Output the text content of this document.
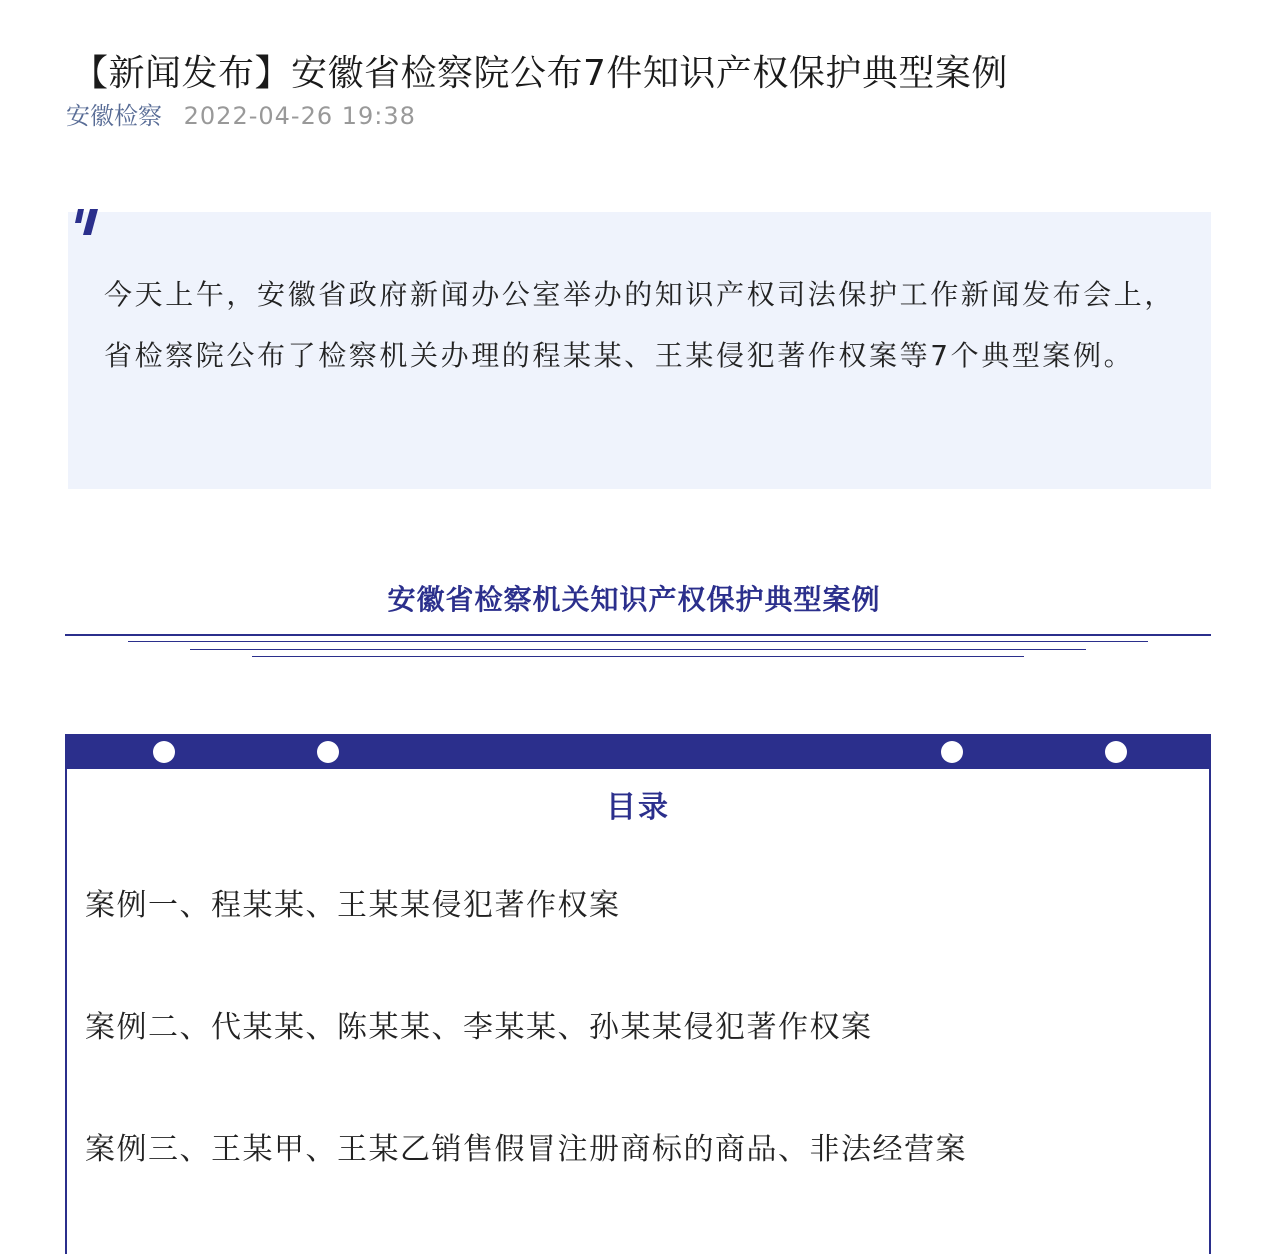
【新闻发布】安徽省检察院公布7件知识产权保护典型案例
安徽检察 2022-04-26 19:38

今天上午，安徽省政府新闻办公室举办的知识产权司法保护工作新闻发布会上，省检察院公布了检察机关办理的程某某、王某侵犯著作权案等7个典型案例。

安徽省检察机关知识产权保护典型案例
目录
案例一、程某某、王某某侵犯著作权案
案例二、代某某、陈某某、李某某、孙某某侵犯著作权案
案例三、王某甲、王某乙销售假冒注册商标的商品、非法经营案
